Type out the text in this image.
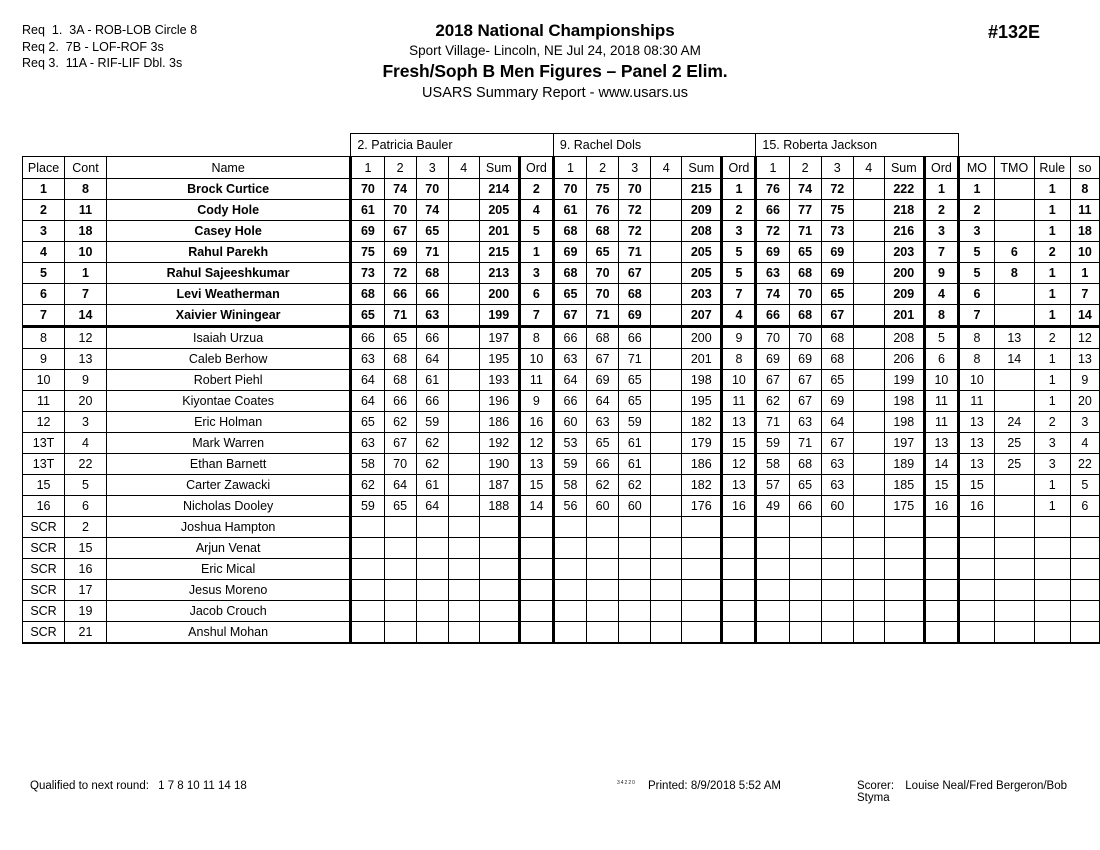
Req  1.  3A - ROB-LOB Circle 8
Req 2.  7B - LOF-ROF 3s
Req 3.  11A - RIF-LIF Dbl. 3s
2018 National Championships
Sport Village- Lincoln, NE Jul 24, 2018 08:30 AM
Fresh/Soph B Men Figures – Panel 2 Elim.
USARS Summary Report - www.usars.us
#132E
			2. Patricia Bauler						9. Rachel Dols						15. Roberta Jackson									
Place	Cont	Name	1	2	3	4	Sum	Ord	1	2	3	4	Sum	Ord	1	2	3	4	Sum	Ord	MO	TMO	Rule	so
1	8	Brock Curtice	70	74	70		214	2	70	75	70		215	1	76	74	72		222	1	1		1	8
2	11	Cody Hole	61	70	74		205	4	61	76	72		209	2	66	77	75		218	2	2		1	11
3	18	Casey Hole	69	67	65		201	5	68	68	72		208	3	72	71	73		216	3	3		1	18
4	10	Rahul Parekh	75	69	71		215	1	69	65	71		205	5	69	65	69		203	7	5	6	2	10
5	1	Rahul Sajeeshkumar	73	72	68		213	3	68	70	67		205	5	63	68	69		200	9	5	8	1	1
6	7	Levi Weatherman	68	66	66		200	6	65	70	68		203	7	74	70	65		209	4	6		1	7
7	14	Xaivier Winingear	65	71	63		199	7	67	71	69		207	4	66	68	67		201	8	7		1	14
8	12	Isaiah Urzua	66	65	66		197	8	66	68	66		200	9	70	70	68		208	5	8	13	2	12
9	13	Caleb Berhow	63	68	64		195	10	63	67	71		201	8	69	69	68		206	6	8	14	1	13
10	9	Robert Piehl	64	68	61		193	11	64	69	65		198	10	67	67	65		199	10	10		1	9
11	20	Kiyontae Coates	64	66	66		196	9	66	64	65		195	11	62	67	69		198	11	11		1	20
12	3	Eric Holman	65	62	59		186	16	60	63	59		182	13	71	63	64		198	11	13	24	2	3
13T	4	Mark Warren	63	67	62		192	12	53	65	61		179	15	59	71	67		197	13	13	25	3	4
13T	22	Ethan Barnett	58	70	62		190	13	59	66	61		186	12	58	68	63		189	14	13	25	3	22
15	5	Carter Zawacki	62	64	61		187	15	58	62	62		182	13	57	65	63		185	15	15		1	5
16	6	Nicholas Dooley	59	65	64		188	14	56	60	60		176	16	49	66	60		175	16	16		1	6
SCR	2	Joshua Hampton																						
SCR	15	Arjun Venat																						
SCR	16	Eric Mical																						
SCR	17	Jesus Moreno																						
SCR	19	Jacob Crouch																						
SCR	21	Anshul Mohan																						
Qualified to next round: 1 7 8 10 11 14 18	34220 Printed: 8/9/2018 5:52 AM	Scorer: Louise Neal/Fred Bergeron/Bob Styma
